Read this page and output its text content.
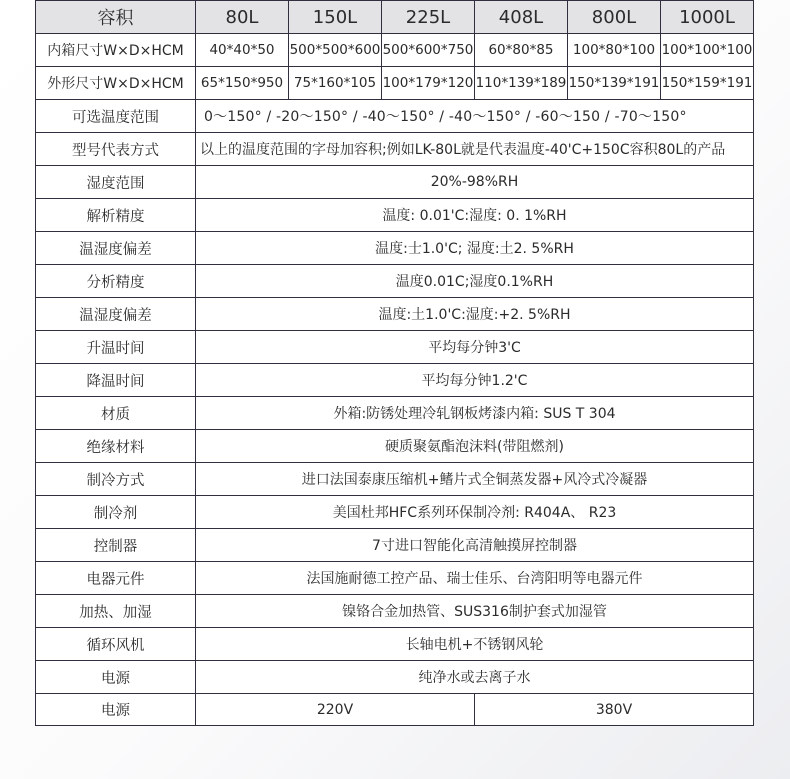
容积	80L	150L	225L	408L	800L	1000L
内箱尺寸W×D×HCM	40*40*50	500*500*600	500*600*750	60*80*85	100*80*100	100*100*100
外形尺寸W×D×HCM	65*150*950	75*160*105	100*179*120	110*139*189	150*139*191	150*159*191
可选温度范围	0～150° / -20～150° / -40～150° / -40～150° / -60～150 / -70～150°					
型号代表方式	以上的温度范围的字母加容积;例如LK-80L就是代表温度-40'C+150C容积80L的产品					
湿度范围	20%-98%RH					
解析精度	温度: 0.01'C:湿度: 0. 1%RH					
温湿度偏差	温度:士1.0'C; 湿度:土2. 5%RH					
分析精度	温度0.01C;湿度0.1%RH					
温湿度偏差	温度:土1.0'C:湿度:+2. 5%RH					
升温时间	平均每分钟3'C					
降温时间	平均每分钟1.2'C					
材质	外箱:防锈处理冷轧钢板烤漆内箱: SUS T 304					
绝缘材料	硬质聚氨酯泡沫料(带阻燃剂)					
制冷方式	进口法国泰康压缩机+鳍片式全铜蒸发器+风冷式冷凝器					
制冷剂	美国杜邦HFC系列环保制冷剂: R404A、 R23					
控制器	7寸进口智能化高清触摸屏控制器					
电器元件	法国施耐德工控产品、瑞士佳乐、台湾阳明等电器元件					
加热、加湿	镍铬合金加热管、SUS316制护套式加湿管					
循环风机	长轴电机+不锈钢风轮					
电源	纯净水或去离子水					
电源	220V			380V		
